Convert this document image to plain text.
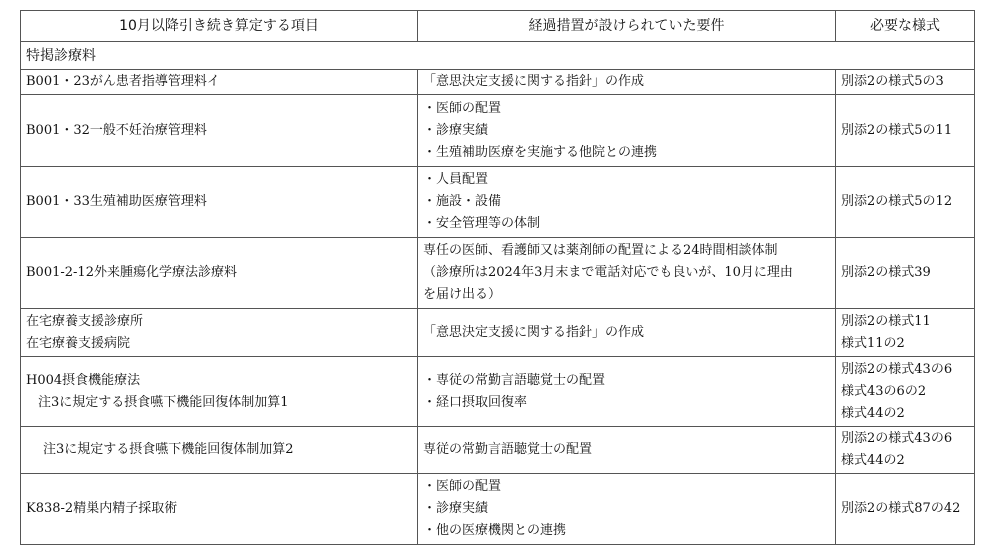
10月以降引き続き算定する項目	経過措置が設けられていた要件	必要な様式
特掲診療料		

B001・23がん患者指導管理料イ	「意思決定支援に関する指針」の作成	別添2の様式5の3

B001・32一般不妊治療管理料	・医師の配置
・診療実績
・生殖補助医療を実施する他院との連携	別添2の様式5の11

B001・33生殖補助医療管理料	・人員配置
・施設・設備
・安全管理等の体制	別添2の様式5の12

B001-2-12外来腫瘍化学療法診療料	専任の医師、看護師又は薬剤師の配置による24時間相談体制
（診療所は2024年3月末まで電話対応でも良いが、10月に理由
を届け出る）	別添2の様式39

在宅療養支援診療所
在宅療養支援病院	「意思決定支援に関する指針」の作成	別添2の様式11
様式11の2

H004摂食機能療法
注3に規定する摂食嚥下機能回復体制加算1	・専従の常勤言語聴覚士の配置
・経口摂取回復率	別添2の様式43の6
様式43の6の2
様式44の2

注3に規定する摂食嚥下機能回復体制加算2	専従の常勤言語聴覚士の配置	別添2の様式43の6
様式44の2

K838-2精巣内精子採取術	・医師の配置
・診療実績
・他の医療機関との連携	別添2の様式87の42
